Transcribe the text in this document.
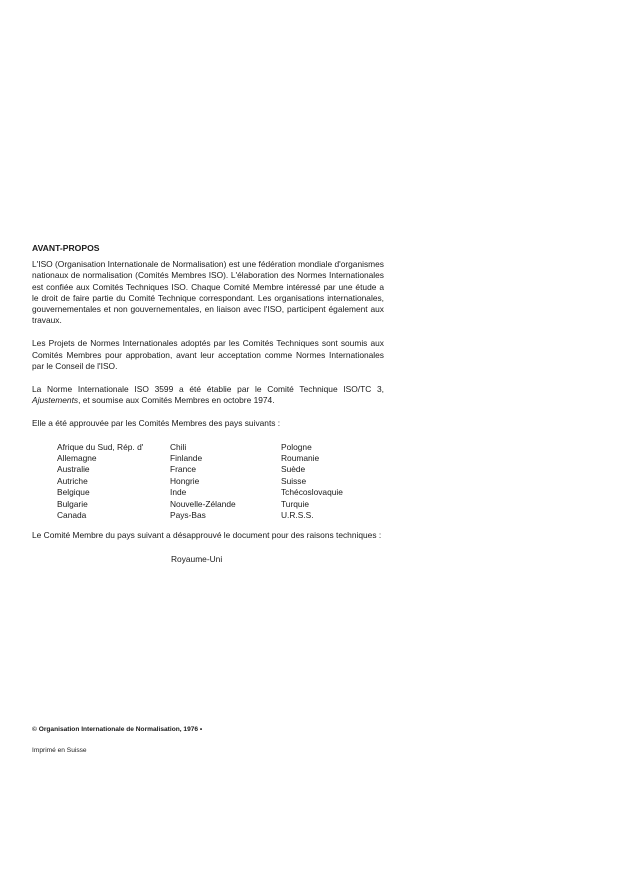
AVANT-PROPOS

L'ISO (Organisation Internationale de Normalisation) est une fédération mondiale d'organismes nationaux de normalisation (Comités Membres ISO). L'élaboration des Normes Internationales est confiée aux Comités Techniques ISO. Chaque Comité Membre intéressé par une étude a le droit de faire partie du Comité Technique correspondant. Les organisations internationales, gouvernementales et non gouvernementales, en liaison avec l'ISO, participent également aux travaux.

Les Projets de Normes Internationales adoptés par les Comités Techniques sont soumis aux Comités Membres pour approbation, avant leur acceptation comme Normes Internationales par le Conseil de l'ISO.

La Norme Internationale ISO 3599 a été établie par le Comité Technique ISO/TC 3, Ajustements, et soumise aux Comités Membres en octobre 1974.

Elle a été approuvée par les Comités Membres des pays suivants :

Afrique du Sud, Rép. d'
Allemagne
Australie
Autriche
Belgique
Bulgarie
Canada
Chili
Finlande
France
Hongrie
Inde
Nouvelle-Zélande
Pays-Bas
Pologne
Roumanie
Suède
Suisse
Tchécoslovaquie
Turquie
U.R.S.S.

Le Comité Membre du pays suivant a désapprouvé le document pour des raisons techniques :

Royaume-Uni
© Organisation Internationale de Normalisation, 1976 •
Imprimé en Suisse
